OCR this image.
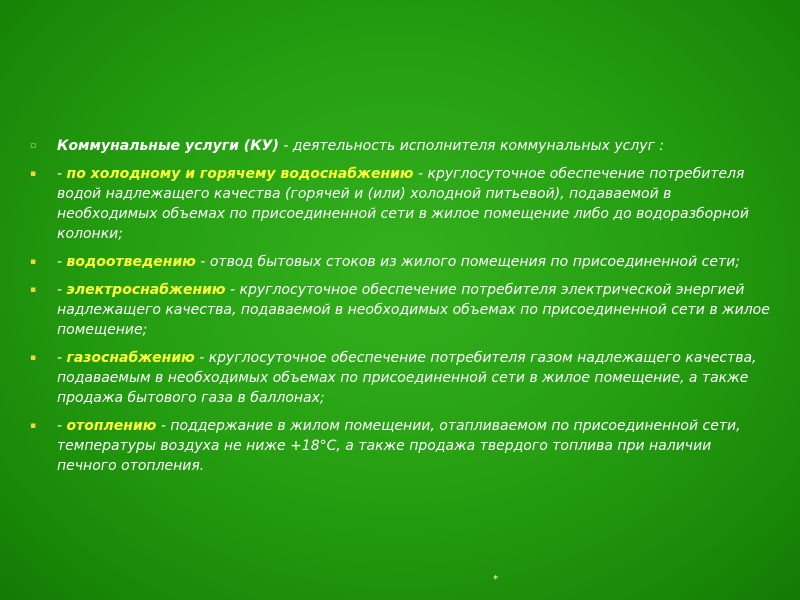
▫ Коммунальные услуги (КУ) - деятельность исполнителя коммунальных услуг :
▪ - по холодному и горячему водоснабжению - круглосуточное обеспечение потребителя водой надлежащего качества (горячей и (или) холодной питьевой), подаваемой в необходимых объемах по присоединенной сети в жилое помещение либо до водоразборной колонки;
▪ - водоотведению - отвод бытовых стоков из жилого помещения по присоединенной сети;
▪ - электроснабжению - круглосуточное обеспечение потребителя электрической энергией надлежащего качества, подаваемой в необходимых объемах по присоединенной сети в жилое помещение;
▪ - газоснабжению - круглосуточное обеспечение потребителя газом надлежащего качества, подаваемым в необходимых объемах по присоединенной сети в жилое помещение, а также продажа бытового газа в баллонах;
▪ - отоплению - поддержание в жилом помещении, отапливаемом по присоединенной сети, температуры воздуха не ниже +18°С, а также продажа твердого топлива при наличии печного отопления.
*
